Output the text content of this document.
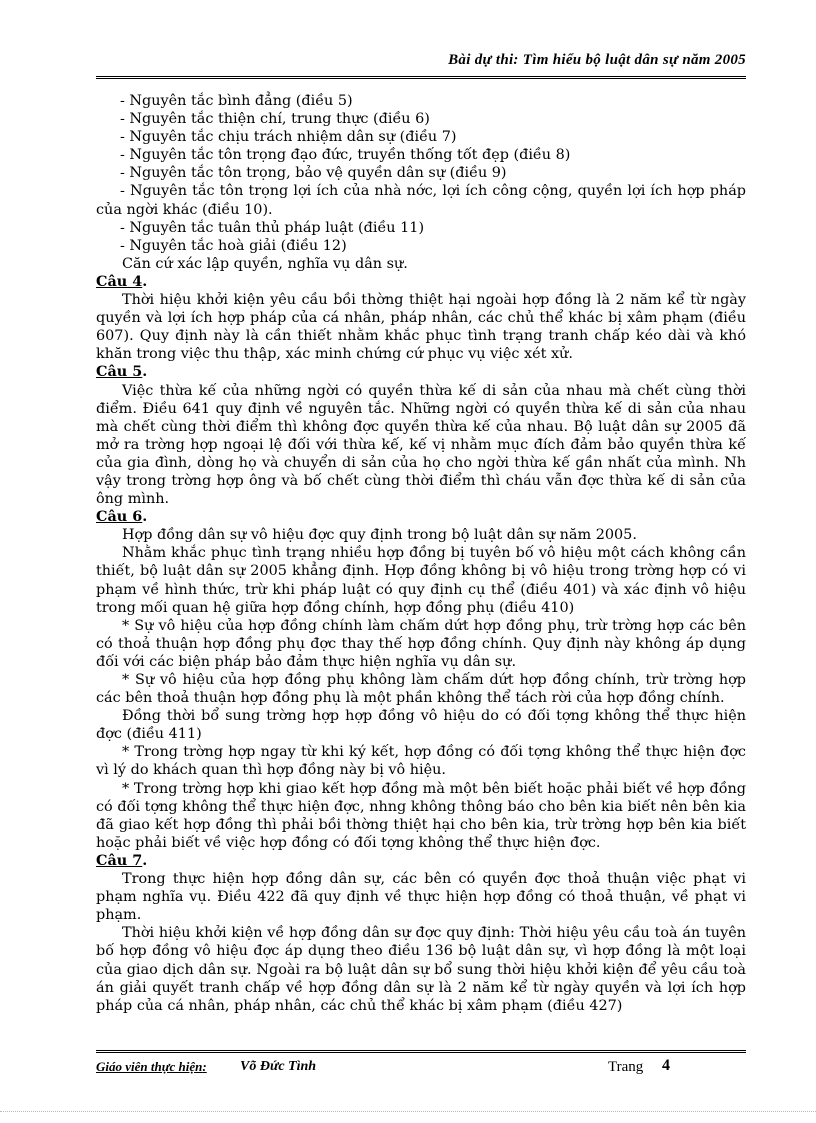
Bài dự thi: Tìm hiểu bộ luật dân sự năm 2005

- Nguyên tắc bình đẳng (điều 5)

- Nguyên tắc thiện chí, trung thực (điều 6)

- Nguyên tắc chịu trách nhiệm dân sự (điều 7)

- Nguyên tắc tôn trọng đạo đức, truyền thống tốt đẹp (điều 8)

- Nguyên tắc tôn trọng, bảo vệ quyền dân sự (điều 9)

- Nguyên tắc tôn trọng lợi ích của nhà nớc, lợi ích công cộng, quyền lợi ích hợp pháp của ngời khác (điều 10).

- Nguyên tắc tuân thủ pháp luật (điều 11)

- Nguyên tắc hoà giải (điều 12)

Căn cứ xác lập quyền, nghĩa vụ dân sự.

Câu 4.

Thời hiệu khởi kiện yêu cầu bồi thờng thiệt hại ngoài hợp đồng là 2 năm kể từ ngày quyền và lợi ích hợp pháp của cá nhân, pháp nhân, các chủ thể khác bị xâm phạm (điều 607). Quy định này là cần thiết nhằm khắc phục tình trạng tranh chấp kéo dài và khó khăn trong việc thu thập, xác minh chứng cứ phục vụ việc xét xử.

Câu 5.

Việc thừa kế của những ngời có quyền thừa kế di sản của nhau mà chết cùng thời điểm. Điều 641 quy định về nguyên tắc. Những ngời có quyền thừa kế di sản của nhau mà chết cùng thời điểm thì không đợc quyền thừa kế của nhau. Bộ luật dân sự 2005 đã mở ra trờng hợp ngoại lệ đối với thừa kế, kế vị nhằm mục đích đảm bảo quyền thừa kế của gia đình, dòng họ và chuyển di sản của họ cho ngời thừa kế gần nhất của mình. Nh vậy trong trờng hợp ông và bố chết cùng thời điểm thì cháu vẫn đợc thừa kế di sản của ông mình.

Câu 6.

Hợp đồng dân sự vô hiệu đợc quy định trong bộ luật dân sự năm 2005.

Nhằm khắc phục tình trạng nhiều hợp đồng bị tuyên bố vô hiệu một cách không cần thiết, bộ luật dân sự 2005 khẳng định. Hợp đồng không bị vô hiệu trong trờng hợp có vi phạm về hình thức, trừ khi pháp luật có quy định cụ thể (điều 401) và xác định vô hiệu trong mối quan hệ giữa hợp đồng chính, hợp đồng phụ (điều 410)

* Sự vô hiệu của hợp đồng chính làm chấm dứt hợp đồng phụ, trừ trờng hợp các bên có thoả thuận hợp đồng phụ đợc thay thế hợp đồng chính. Quy định này không áp dụng đối với các biện pháp bảo đảm thực hiện nghĩa vụ dân sự.

* Sự vô hiệu của hợp đồng phụ không làm chấm dứt hợp đồng chính, trừ trờng hợp các bên thoả thuận hợp đồng phụ là một phần không thể tách rời của hợp đồng chính.

Đồng thời bổ sung trờng hợp hợp đồng vô hiệu do có đối tợng không thể thực hiện đợc (điều 411)

* Trong trờng hợp ngay từ khi ký kết, hợp đồng có đối tợng không thể thực hiện đợc vì lý do khách quan thì hợp đồng này bị vô hiệu.

* Trong trờng hợp khi giao kết hợp đồng mà một bên biết hoặc phải biết về hợp đồng có đối tợng không thể thực hiện đợc, nhng không thông báo cho bên kia biết nên bên kia đã giao kết hợp đồng thì phải bồi thờng thiệt hại cho bên kia, trừ trờng hợp bên kia biết hoặc phải biết về việc hợp đồng có đối tợng không thể thực hiện đợc.

Câu 7.

Trong thực hiện hợp đồng dân sự, các bên có quyền đợc thoả thuận việc phạt vi phạm nghĩa vụ. Điều 422 đã quy định về thực hiện hợp đồng có thoả thuận, về phạt vi phạm.

Thời hiệu khởi kiện về hợp đồng dân sự đợc quy định: Thời hiệu yêu cầu toà án tuyên bố hợp đồng vô hiệu đợc áp dụng theo điều 136 bộ luật dân sự, vì hợp đồng là một loại của giao dịch dân sự. Ngoài ra bộ luật dân sự bổ sung thời hiệu khởi kiện để yêu cầu toà án giải quyết tranh chấp về hợp đồng dân sự là 2 năm kể từ ngày quyền và lợi ích hợp pháp của cá nhân, pháp nhân, các chủ thể khác bị xâm phạm (điều 427)

Giáo viên thực hiện: Võ Đức Tình	Trang 4
